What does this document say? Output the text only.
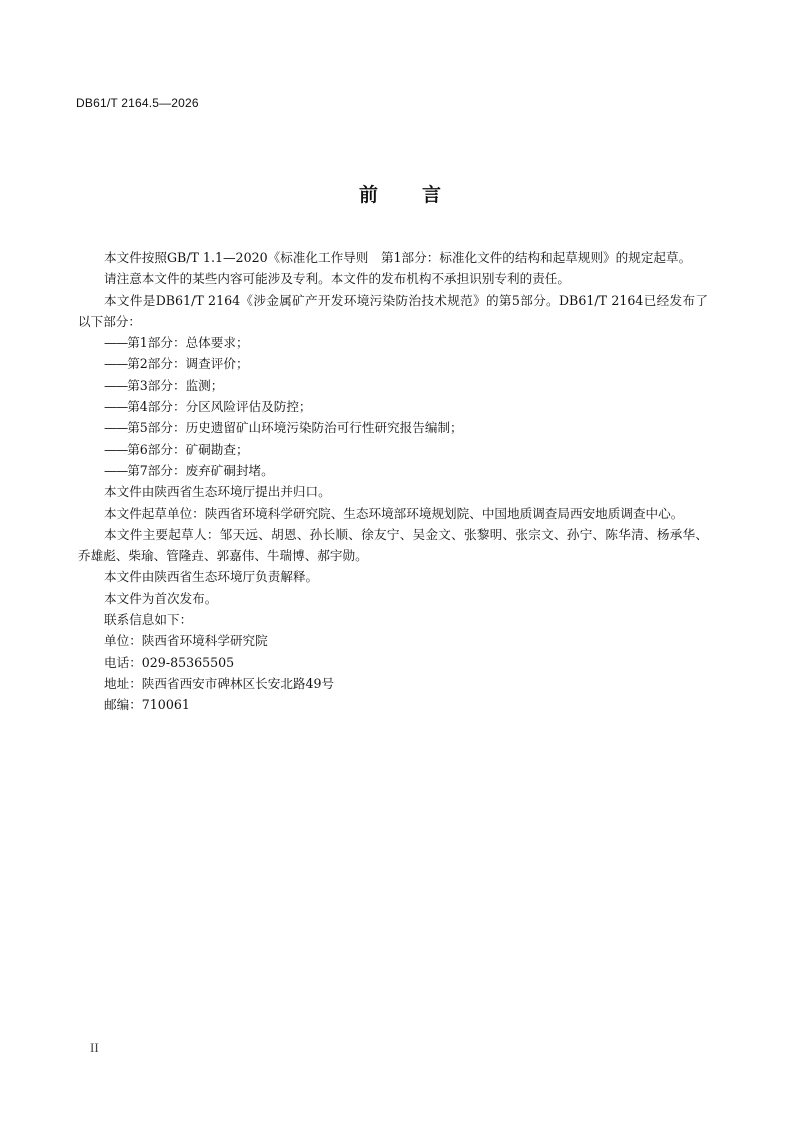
DB61/T 2164.5—2026
前 言

本文件按照GB/T 1.1—2020《标准化工作导则　第1部分：标准化文件的结构和起草规则》的规定起草。

请注意本文件的某些内容可能涉及专利。本文件的发布机构不承担识别专利的责任。

本文件是DB61/T 2164《涉金属矿产开发环境污染防治技术规范》的第5部分。DB61/T 2164已经发布了以下部分：

——第1部分：总体要求；

——第2部分：调查评价；

——第3部分：监测；

——第4部分：分区风险评估及防控；

——第5部分：历史遗留矿山环境污染防治可行性研究报告编制；

——第6部分：矿硐勘查；

——第7部分：废弃矿硐封堵。

本文件由陕西省生态环境厅提出并归口。

本文件起草单位：陕西省环境科学研究院、生态环境部环境规划院、中国地质调查局西安地质调查中心。

本文件主要起草人：邹天远、胡恩、孙长顺、徐友宁、吴金文、张黎明、张宗文、孙宁、陈华清、杨承华、乔雄彪、柴瑜、管隆垚、郭嘉伟、牛瑞博、郝宇勋。

本文件由陕西省生态环境厅负责解释。

本文件为首次发布。

联系信息如下：

单位：陕西省环境科学研究院

电话：029-85365505

地址：陕西省西安市碑林区长安北路49号

邮编：710061

II
